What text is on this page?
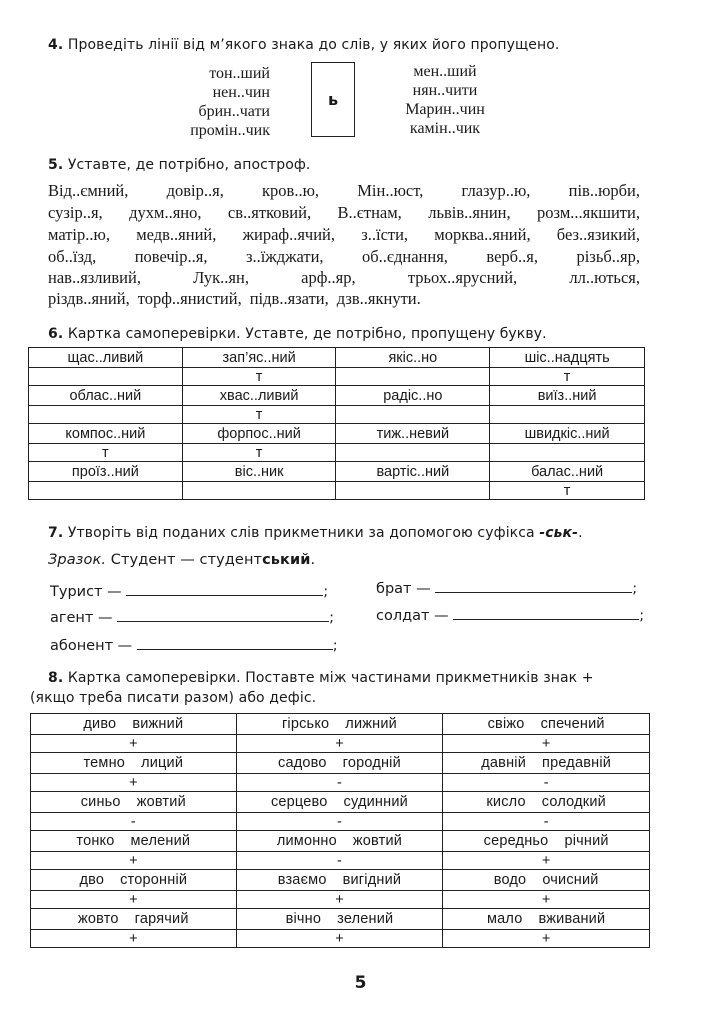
4. Проведіть лінії від м’якого знака до слів, у яких його пропущено.
тон..ший
нен..чин
брин..чати
промін..чик
ь
мен..ший
нян..чити
Марин..чин
камін..чик
5. Уставте, де потрібно, апостроф.
Від..ємний, довір..я, кров..ю, Мін..юст, глазур..ю, пів..юрби,
сузір..я, духм..яно, св..ятковий, В..єтнам, львів..янин, розм...якшити,
матір..ю, медв..яний, жираф..ячий, з..їсти, морква..яний, без..язикий,
об..їзд, повечір..я, з..їжджати, об..єднання, верб..я, різьб..яр,
нав..язливий,	Лук..ян,	арф..яр,	трьох..ярусний,	лл..ються,
різдв..яний, торф..янистий, підв..язати, дзв..якнути.
6. Картка самоперевірки. Уставте, де потрібно, пропущену букву.
щас..ливий	зап’яс..ний	якіс..но	шіс..надцять
	т		т
облас..ний	хвас..ливий	радіс..но	виїз..ний
	т		
компос..ний	форпос..ний	тиж..невий	швидкіс..ний
т	т		
проїз..ний	віс..ник	вартіс..ний	балас..ний
			т
7. Утворіть від поданих слів прикметники за допомогою суфікса -ськ-.
Зразок. Студент — студентський.
Турист —	;	брат —	;
агент —	;	солдат —	;
абонент —	;
8. Картка самоперевірки. Поставте між частинами прикметників знак +
(якщо треба писати разом) або дефіс.
диво вижний	гірсько лижний	свіжо спечений
+	+	+
темно лиций	садово городній	давній предавній
+	-	-
синьо жовтий	серцево судинний	кисло солодкий
-	-	-
тонко мелений	лимонно жовтий	середньо річний
+	-	+
дво сторонній	взаємо вигідний	водо очисний
+	+	+
жовто гарячий	вічно зелений	мало вживаний
+	+	+
5
